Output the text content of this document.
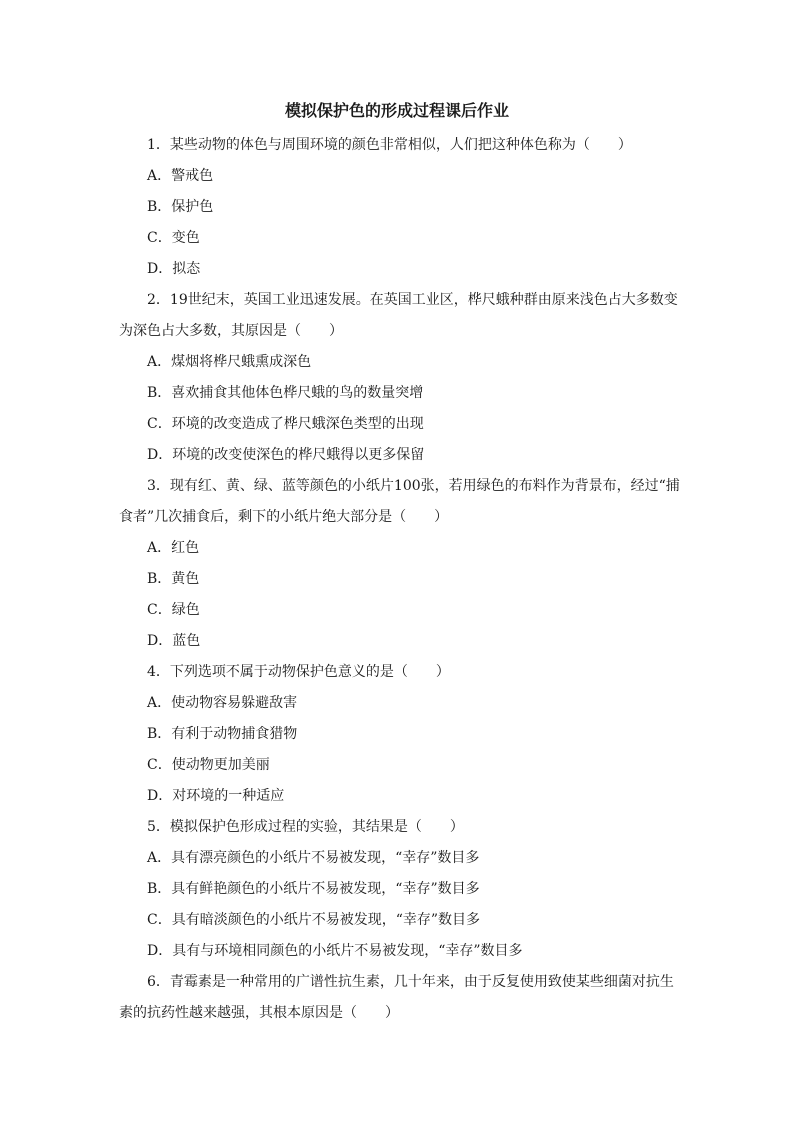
模拟保护色的形成过程课后作业

1．某些动物的体色与周围环境的颜色非常相似，人们把这种体色称为（　　）

A．警戒色

B．保护色

C．变色

D．拟态

2．19世纪末，英国工业迅速发展。在英国工业区，桦尺蛾种群由原来浅色占大多数变为深色占大多数，其原因是（　　）

A．煤烟将桦尺蛾熏成深色

B．喜欢捕食其他体色桦尺蛾的鸟的数量突增

C．环境的改变造成了桦尺蛾深色类型的出现

D．环境的改变使深色的桦尺蛾得以更多保留

3．现有红、黄、绿、蓝等颜色的小纸片100张，若用绿色的布料作为背景布，经过“捕食者”几次捕食后，剩下的小纸片绝大部分是（　　）

A．红色

B．黄色

C．绿色

D．蓝色

4．下列选项不属于动物保护色意义的是（　　）

A．使动物容易躲避敌害

B．有利于动物捕食猎物

C．使动物更加美丽

D．对环境的一种适应

5．模拟保护色形成过程的实验，其结果是（　　）

A．具有漂亮颜色的小纸片不易被发现，“幸存”数目多

B．具有鲜艳颜色的小纸片不易被发现，“幸存”数目多

C．具有暗淡颜色的小纸片不易被发现，“幸存”数目多

D．具有与环境相同颜色的小纸片不易被发现，“幸存”数目多

6．青霉素是一种常用的广谱性抗生素，几十年来，由于反复使用致使某些细菌对抗生素的抗药性越来越强，其根本原因是（　　）
